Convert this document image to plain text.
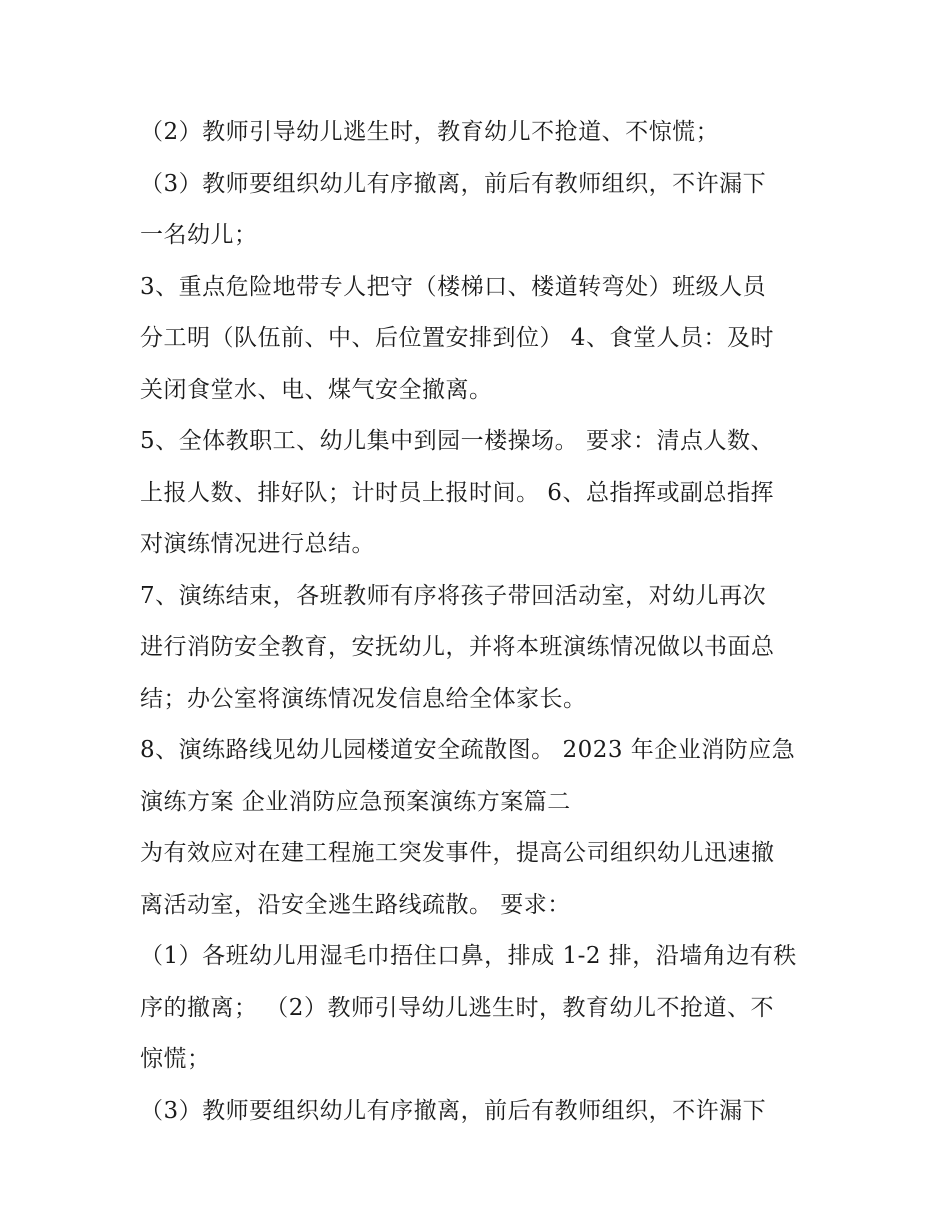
（2）教师引导幼儿逃生时，教育幼儿不抢道、不惊慌；
（3）教师要组织幼儿有序撤离，前后有教师组织，不许漏下
一名幼儿；
3、重点危险地带专人把守（楼梯口、楼道转弯处）班级人员
分工明（队伍前、中、后位置安排到位） 4、食堂人员：及时
关闭食堂水、电、煤气安全撤离。
5、全体教职工、幼儿集中到园一楼操场。 要求：清点人数、
上报人数、排好队；计时员上报时间。 6、总指挥或副总指挥
对演练情况进行总结。
7、演练结束，各班教师有序将孩子带回活动室，对幼儿再次
进行消防安全教育，安抚幼儿，并将本班演练情况做以书面总
结；办公室将演练情况发信息给全体家长。
8、演练路线见幼儿园楼道安全疏散图。 2023 年企业消防应急
演练方案 企业消防应急预案演练方案篇二
为有效应对在建工程施工突发事件，提高公司组织幼儿迅速撤
离活动室，沿安全逃生路线疏散。 要求：
（1）各班幼儿用湿毛巾捂住口鼻，排成 1-2 排，沿墙角边有秩
序的撤离； （2）教师引导幼儿逃生时，教育幼儿不抢道、不
惊慌；
（3）教师要组织幼儿有序撤离，前后有教师组织，不许漏下
